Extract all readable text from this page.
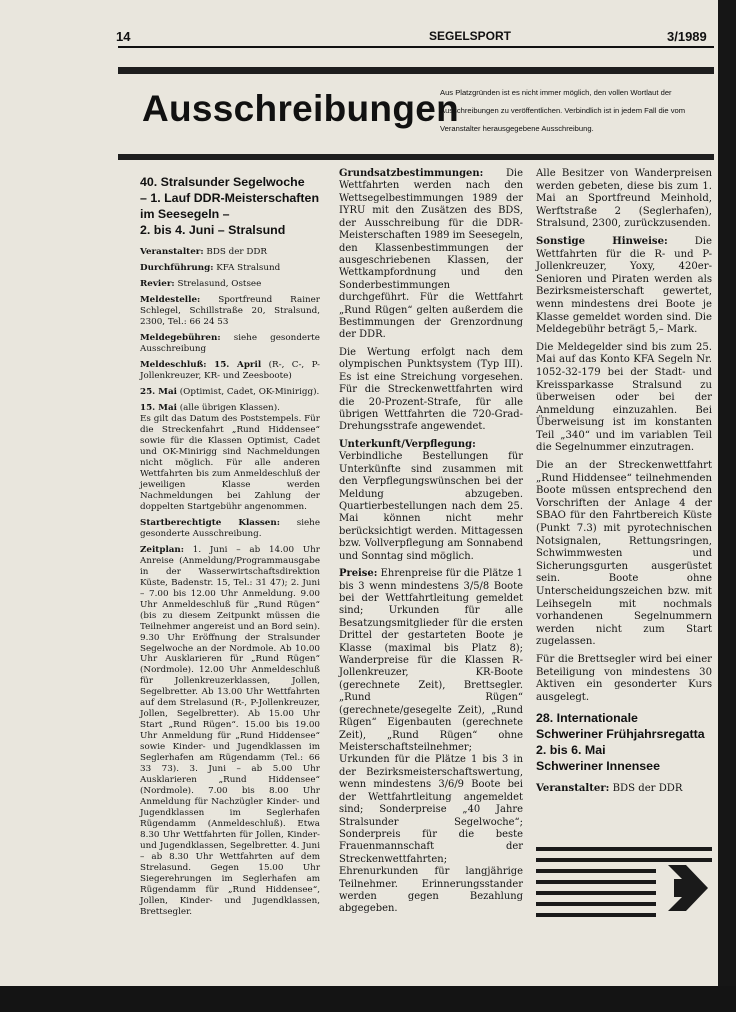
14	SEGELSPORT	3/1989
Ausschreibungen

Aus Platzgründen ist es nicht immer möglich, den vollen Wortlaut der Ausschreibungen zu veröffentlichen. Verbindlich ist in jedem Fall die vom Veranstalter herausgegebene Ausschreibung.

40. Stralsunder Segelwoche
– 1. Lauf DDR-Meisterschaften
im Seesegeln –
2. bis 4. Juni – Stralsund

Veranstalter: BDS der DDR

Durchführung: KFA Stralsund

Revier: Strelasund, Ostsee

Meldestelle: Sportfreund Rainer Schlegel, Schillstraße 20, Stralsund, 2300, Tel.: 66 24 53

Meldegebühren: siehe gesonderte Ausschreibung

Meldeschluß: 15. April (R-, C-, P-Jollenkreuzer, KR- und Zeesboote)

25. Mai (Optimist, Cadet, OK-Minirigg).

15. Mai (alle übrigen Klassen).

Es gilt das Datum des Poststempels. Für die Streckenfahrt „Rund Hiddensee“ sowie für die Klassen Optimist, Cadet und OK-Minirigg sind Nachmeldungen nicht möglich. Für alle anderen Wettfahrten bis zum Anmeldeschluß der jeweiligen Klasse werden Nachmeldungen bei Zahlung der doppelten Startgebühr angenommen.

Startberechtigte Klassen: siehe gesonderte Ausschreibung.

Zeitplan: 1. Juni – ab 14.00 Uhr Anreise (Anmeldung/Programmausgabe in der Wasserwirtschaftsdirektion Küste, Badenstr. 15, Tel.: 31 47); 2. Juni – 7.00 bis 12.00 Uhr Anmeldung. 9.00 Uhr Anmeldeschluß für „Rund Rügen“ (bis zu diesem Zeitpunkt müssen die Teilnehmer angereist und an Bord sein). 9.30 Uhr Eröffnung der Stralsunder Segelwoche an der Nordmole. Ab 10.00 Uhr Ausklarieren für „Rund Rügen“ (Nordmole). 12.00 Uhr Anmeldeschluß für Jollenkreuzerklassen, Jollen, Segelbretter. Ab 13.00 Uhr Wettfahrten auf dem Strelasund (R-, P-Jollenkreuzer, Jollen, Segelbretter). Ab 15.00 Uhr Start „Rund Rügen“. 15.00 bis 19.00 Uhr Anmeldung für „Rund Hiddensee“ sowie Kinder- und Jugendklassen im Seglerhafen am Rügendamm (Tel.: 66 33 73). 3. Juni – ab 5.00 Uhr Ausklarieren „Rund Hiddensee“ (Nordmole). 7.00 bis 8.00 Uhr Anmeldung für Nachzügler Kinder- und Jugendklassen im Seglerhafen Rügendamm (Anmeldeschluß). Etwa 8.30 Uhr Wettfahrten für Jollen, Kinder- und Jugendklassen, Segelbretter. 4. Juni – ab 8.30 Uhr Wettfahrten auf dem Strelasund. Gegen 15.00 Uhr Siegerehrungen im Seglerhafen am Rügendamm für „Rund Hiddensee“, Jollen, Kinder- und Jugendklassen, Brettsegler.

Grundsatzbestimmungen: Die Wettfahrten werden nach den Wettsegelbestimmungen 1989 der IYRU mit den Zusätzen des BDS, der Ausschreibung für die DDR-Meisterschaften 1989 im Seesegeln, den Klassenbestimmungen der ausgeschriebenen Klassen, der Wettkampfordnung und den Sonderbestimmungen durchgeführt. Für die Wettfahrt „Rund Rügen“ gelten außerdem die Bestimmungen der Grenzordnung der DDR.

Die Wertung erfolgt nach dem olympischen Punktsystem (Typ III). Es ist eine Streichung vorgesehen. Für die Streckenwettfahrten wird die 20-Prozent-Strafe, für alle übrigen Wettfahrten die 720-Grad-Drehungsstrafe angewendet.

Unterkunft/Verpflegung: Verbindliche Bestellungen für Unterkünfte sind zusammen mit den Verpflegungswünschen bei der Meldung abzugeben. Quartierbestellungen nach dem 25. Mai können nicht mehr berücksichtigt werden. Mittagessen bzw. Vollverpflegung am Sonnabend und Sonntag sind möglich.

Preise: Ehrenpreise für die Plätze 1 bis 3 wenn mindestens 3/5/8 Boote bei der Wettfahrtleitung gemeldet sind; Urkunden für alle Besatzungsmitglieder für die ersten Drittel der gestarteten Boote je Klasse (maximal bis Platz 8); Wanderpreise für die Klassen R-Jollenkreuzer, KR-Boote (gerechnete Zeit), Brettsegler. „Rund Rügen“ (gerechnete/gesegelte Zeit), „Rund Rügen“ Eigenbauten (gerechnete Zeit), „Rund Rügen“ ohne Meisterschaftsteilnehmer; Urkunden für die Plätze 1 bis 3 in der Bezirksmeisterschaftswertung, wenn mindestens 3/6/9 Boote bei der Wettfahrtleitung angemeldet sind; Sonderpreise „40 Jahre Stralsunder Segelwoche“; Sonderpreis für die beste Frauenmannschaft der Streckenwettfahrten; Ehrenurkunden für langjährige Teilnehmer. Erinnerungsstander werden gegen Bezahlung abgegeben.

Alle Besitzer von Wanderpreisen werden gebeten, diese bis zum 1. Mai an Sportfreund Meinhold, Werftstraße 2 (Seglerhafen), Stralsund, 2300, zurückzusenden.

Sonstige Hinweise:	Die Wettfahrten für die R- und P-Jollenkreuzer, Yoxy, 420er-Senioren und Piraten werden als Bezirksmeisterschaft gewertet, wenn mindestens drei Boote je Klasse gemeldet worden sind. Die Meldegebühr beträgt 5,– Mark.

Die Meldegelder sind bis zum 25. Mai auf das Konto KFA Segeln Nr. 1052-32-179 bei der Stadt- und Kreissparkasse Stralsund zu überweisen oder bei der Anmeldung einzuzahlen. Bei Überweisung ist im konstanten Teil „340“ und im variablen Teil die Segelnummer einzutragen.

Die an der Streckenwettfahrt „Rund Hiddensee“ teilnehmenden Boote müssen entsprechend den Vorschriften der Anlage 4 der SBAO für den Fahrtbereich Küste (Punkt 7.3) mit pyrotechnischen Notsignalen, Rettungsringen, Schwimmwesten und Sicherungsgurten ausgerüstet sein. Boote ohne Unterscheidungszeichen bzw. mit Leihsegeln mit nochmals vorhandenen Segelnummern werden nicht zum Start zugelassen.

Für die Brettsegler wird bei einer Beteiligung von mindestens 30 Aktiven ein gesonderter Kurs ausgelegt.

28. Internationale
Schweriner Frühjahrsregatta
2. bis 6. Mai
Schweriner Innensee

Veranstalter: BDS der DDR
